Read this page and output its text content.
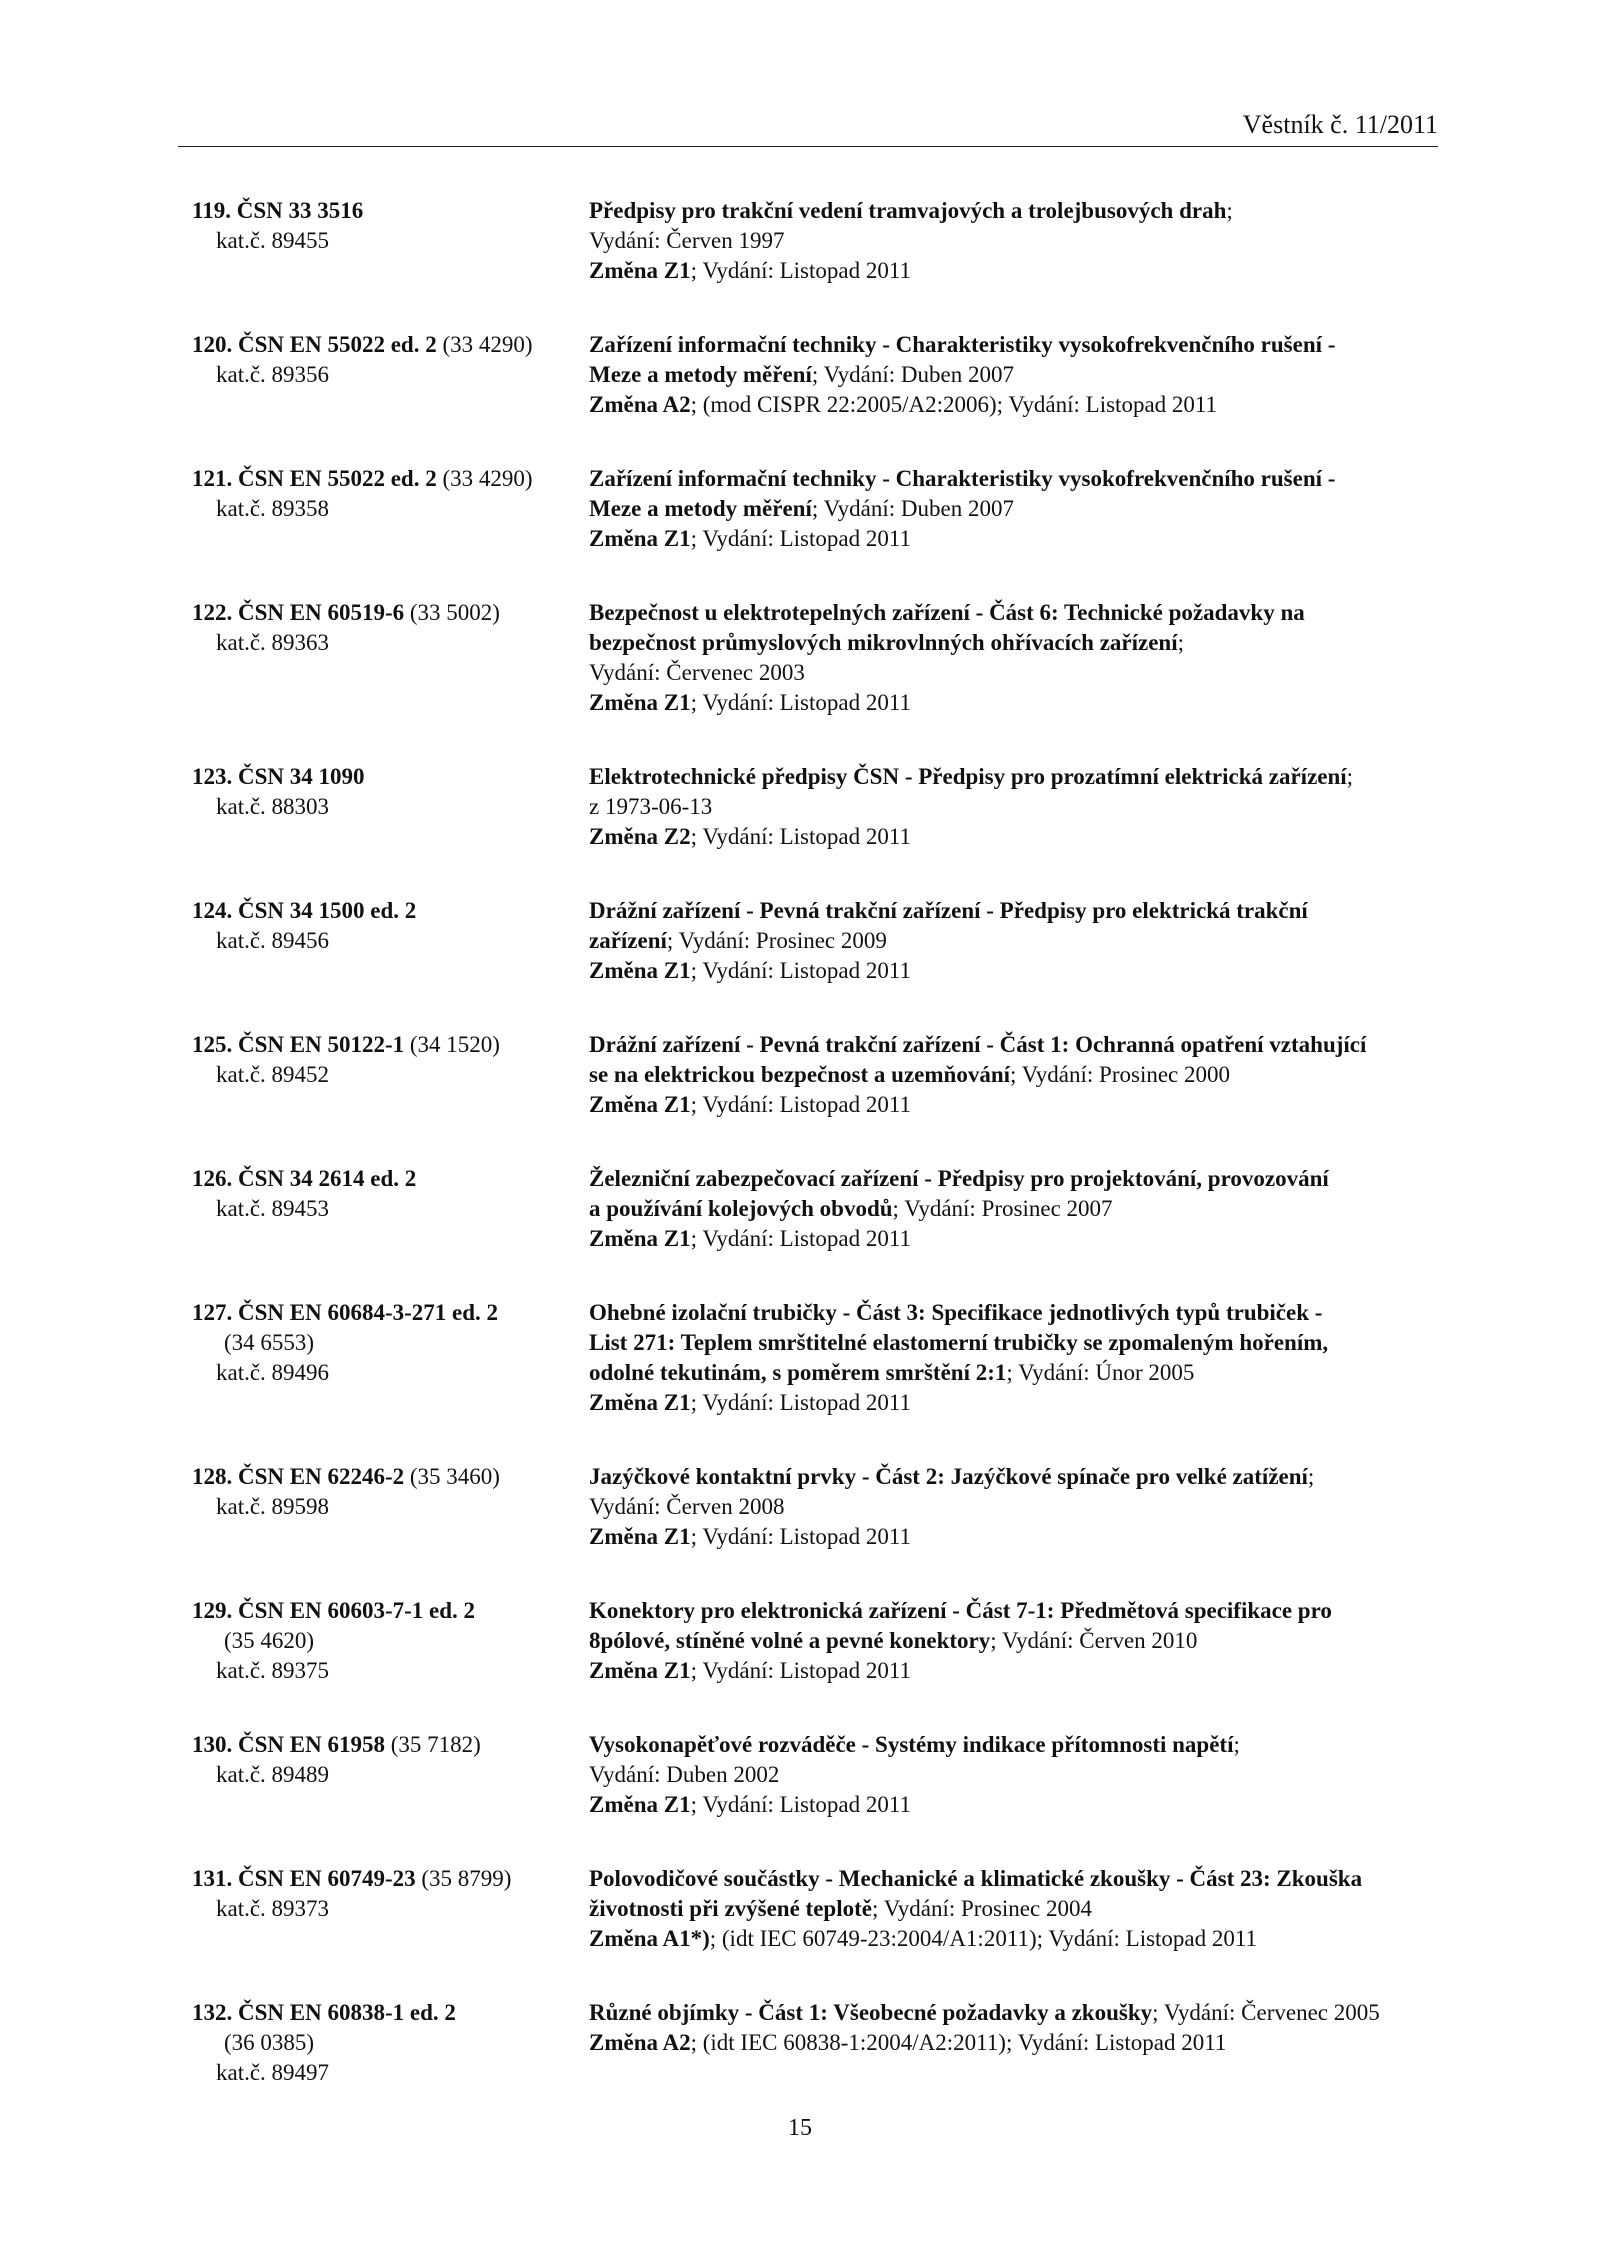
Věstník č. 11/2011
119. ČSN 33 3516
kat.č. 89455
Předpisy pro trakční vedení tramvajových a trolejbusových drah;
Vydání: Červen 1997
Změna Z1; Vydání: Listopad 2011
120. ČSN EN 55022 ed. 2 (33 4290)
kat.č. 89356
Zařízení informační techniky - Charakteristiky vysokofrekvenčního rušení -
Meze a metody měření; Vydání: Duben 2007
Změna A2; (mod CISPR 22:2005/A2:2006); Vydání: Listopad 2011
121. ČSN EN 55022 ed. 2 (33 4290)
kat.č. 89358
Zařízení informační techniky - Charakteristiky vysokofrekvenčního rušení -
Meze a metody měření; Vydání: Duben 2007
Změna Z1; Vydání: Listopad 2011
122. ČSN EN 60519-6 (33 5002)
kat.č. 89363
Bezpečnost u elektrotepelných zařízení - Část 6: Technické požadavky na
bezpečnost průmyslových mikrovlnných ohřívacích zařízení;
Vydání: Červenec 2003
Změna Z1; Vydání: Listopad 2011
123. ČSN 34 1090
kat.č. 88303
Elektrotechnické předpisy ČSN - Předpisy pro prozatímní elektrická zařízení;
z 1973-06-13
Změna Z2; Vydání: Listopad 2011
124. ČSN 34 1500 ed. 2
kat.č. 89456
Drážní zařízení - Pevná trakční zařízení - Předpisy pro elektrická trakční
zařízení; Vydání: Prosinec 2009
Změna Z1; Vydání: Listopad 2011
125. ČSN EN 50122-1 (34 1520)
kat.č. 89452
Drážní zařízení - Pevná trakční zařízení - Část 1: Ochranná opatření vztahující
se na elektrickou bezpečnost a uzemňování; Vydání: Prosinec 2000
Změna Z1; Vydání: Listopad 2011
126. ČSN 34 2614 ed. 2
kat.č. 89453
Železniční zabezpečovací zařízení - Předpisy pro projektování, provozování
a používání kolejových obvodů; Vydání: Prosinec 2007
Změna Z1; Vydání: Listopad 2011
127. ČSN EN 60684-3-271 ed. 2
(34 6553)
kat.č. 89496
Ohebné izolační trubičky - Část 3: Specifikace jednotlivých typů trubiček -
List 271: Teplem smrštitelné elastomerní trubičky se zpomaleným hořením,
odolné tekutinám, s poměrem smrštění 2:1; Vydání: Únor 2005
Změna Z1; Vydání: Listopad 2011
128. ČSN EN 62246-2 (35 3460)
kat.č. 89598
Jazýčkové kontaktní prvky - Část 2: Jazýčkové spínače pro velké zatížení;
Vydání: Červen 2008
Změna Z1; Vydání: Listopad 2011
129. ČSN EN 60603-7-1 ed. 2
(35 4620)
kat.č. 89375
Konektory pro elektronická zařízení - Část 7-1: Předmětová specifikace pro
8pólové, stíněné volné a pevné konektory; Vydání: Červen 2010
Změna Z1; Vydání: Listopad 2011
130. ČSN EN 61958 (35 7182)
kat.č. 89489
Vysokonapěťové rozváděče - Systémy indikace přítomnosti napětí;
Vydání: Duben 2002
Změna Z1; Vydání: Listopad 2011
131. ČSN EN 60749-23 (35 8799)
kat.č. 89373
Polovodičové součástky - Mechanické a klimatické zkoušky - Část 23: Zkouška
životnosti při zvýšené teplotě; Vydání: Prosinec 2004
Změna A1*); (idt IEC 60749-23:2004/A1:2011); Vydání: Listopad 2011
132. ČSN EN 60838-1 ed. 2
(36 0385)
kat.č. 89497
Různé objímky - Část 1: Všeobecné požadavky a zkoušky; Vydání: Červenec 2005
Změna A2; (idt IEC 60838-1:2004/A2:2011); Vydání: Listopad 2011
15
